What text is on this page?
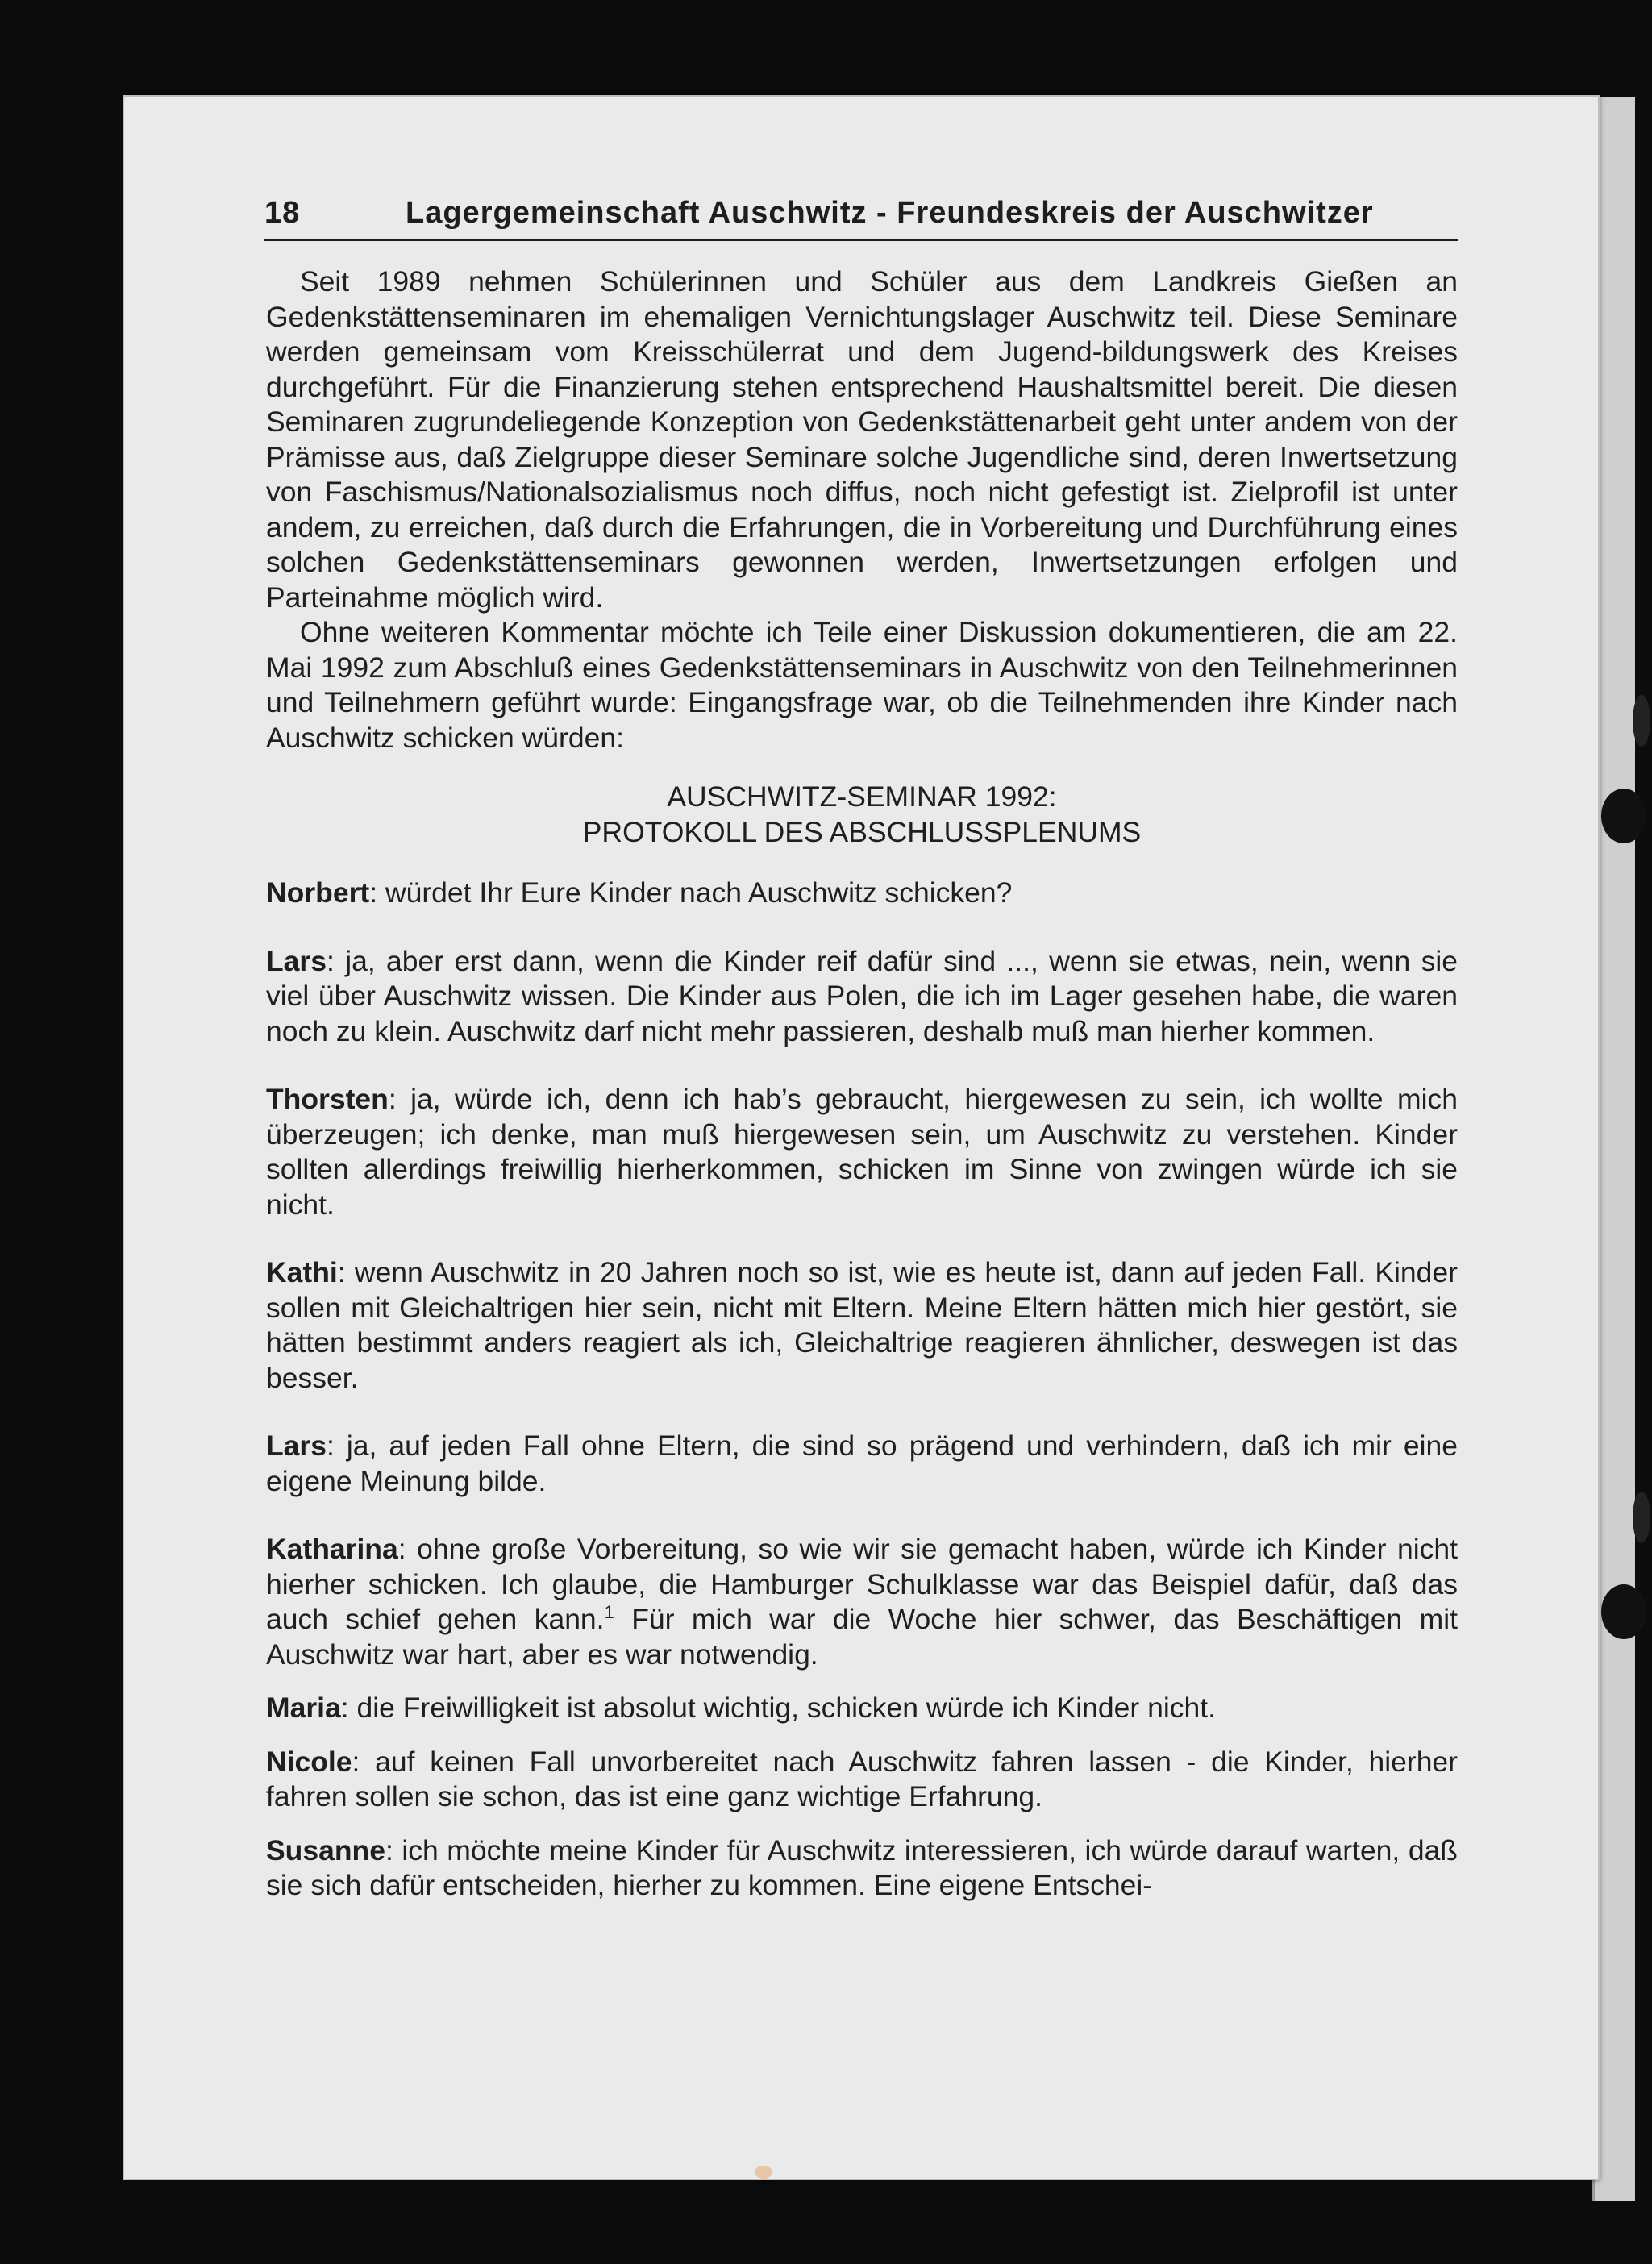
18	Lagergemeinschaft Auschwitz - Freundeskreis der Auschwitzer

Seit 1989 nehmen Schülerinnen und Schüler aus dem Landkreis Gießen an Gedenkstättenseminaren im ehemaligen Vernichtungslager Auschwitz teil. Diese Seminare werden gemeinsam vom Kreisschülerrat und dem Jugend-bildungswerk des Kreises durchgeführt. Für die Finanzierung stehen entsprechend Haushaltsmittel bereit. Die diesen Seminaren zugrundeliegende Konzeption von Gedenkstättenarbeit geht unter andem von der Prämisse aus, daß Zielgruppe dieser Seminare solche Jugendliche sind, deren Inwertsetzung von Faschismus/Nationalsozialismus noch diffus, noch nicht gefestigt ist. Zielprofil ist unter andem, zu erreichen, daß durch die Erfahrungen, die in Vorbereitung und Durchführung eines solchen Gedenkstättenseminars gewonnen werden, Inwertsetzungen erfolgen und Parteinahme möglich wird.

Ohne weiteren Kommentar möchte ich Teile einer Diskussion dokumentieren, die am 22. Mai 1992 zum Abschluß eines Gedenkstättenseminars in Auschwitz von den Teilnehmerinnen und Teilnehmern geführt wurde: Eingangsfrage war, ob die Teilnehmenden ihre Kinder nach Auschwitz schicken würden:

AUSCHWITZ-SEMINAR 1992:
PROTOKOLL DES ABSCHLUSSPLENUMS

Norbert: würdet Ihr Eure Kinder nach Auschwitz schicken?

Lars: ja, aber erst dann, wenn die Kinder reif dafür sind ..., wenn sie etwas, nein, wenn sie viel über Auschwitz wissen. Die Kinder aus Polen, die ich im Lager gesehen habe, die waren noch zu klein. Auschwitz darf nicht mehr passieren, deshalb muß man hierher kommen.

Thorsten: ja, würde ich, denn ich hab’s gebraucht, hiergewesen zu sein, ich wollte mich überzeugen; ich denke, man muß hiergewesen sein, um Auschwitz zu verstehen. Kinder sollten allerdings freiwillig hierherkommen, schicken im Sinne von zwingen würde ich sie nicht.

Kathi: wenn Auschwitz in 20 Jahren noch so ist, wie es heute ist, dann auf jeden Fall. Kinder sollen mit Gleichaltrigen hier sein, nicht mit Eltern. Meine Eltern hätten mich hier gestört, sie hätten bestimmt anders reagiert als ich, Gleichaltrige reagieren ähnlicher, deswegen ist das besser.

Lars: ja, auf jeden Fall ohne Eltern, die sind so prägend und verhindern, daß ich mir eine eigene Meinung bilde.

Katharina: ohne große Vorbereitung, so wie wir sie gemacht haben, würde ich Kinder nicht hierher schicken. Ich glaube, die Hamburger Schulklasse war das Beispiel dafür, daß das auch schief gehen kann.$^1$ Für mich war die Woche hier schwer, das Beschäftigen mit Auschwitz war hart, aber es war notwendig.

Maria: die Freiwilligkeit ist absolut wichtig, schicken würde ich Kinder nicht.

Nicole: auf keinen Fall unvorbereitet nach Auschwitz fahren lassen - die Kinder, hierher fahren sollen sie schon, das ist eine ganz wichtige Erfahrung.

Susanne: ich möchte meine Kinder für Auschwitz interessieren, ich würde darauf warten, daß sie sich dafür entscheiden, hierher zu kommen. Eine eigene Entschei-
